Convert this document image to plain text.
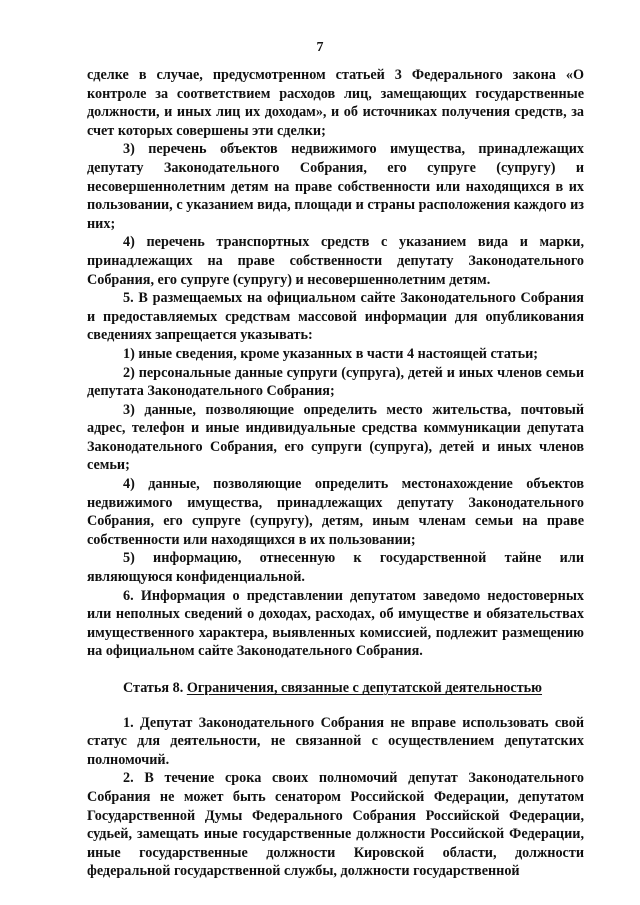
7

сделке в случае, предусмотренном статьей 3 Федерального закона «О контроле за соответствием расходов лиц, замещающих государственные должности, и иных лиц их доходам», и об источниках получения средств, за счет которых совершены эти сделки;

3) перечень объектов недвижимого имущества, принадлежащих депутату Законодательного Собрания, его супруге (супругу) и несовершеннолетним детям на праве собственности или находящихся в их пользовании, с указанием вида, площади и страны расположения каждого из них;

4) перечень транспортных средств с указанием вида и марки, принадлежащих на праве собственности депутату Законодательного Собрания, его супруге (супругу) и несовершеннолетним детям.

5. В размещаемых на официальном сайте Законодательного Собрания и предоставляемых средствам массовой информации для опубликования сведениях запрещается указывать:

1) иные сведения, кроме указанных в части 4 настоящей статьи;

2) персональные данные супруги (супруга), детей и иных членов семьи депутата Законодательного Собрания;

3) данные, позволяющие определить место жительства, почтовый адрес, телефон и иные индивидуальные средства коммуникации депутата Законодательного Собрания, его супруги (супруга), детей и иных членов семьи;

4) данные, позволяющие определить местонахождение объектов недвижимого имущества, принадлежащих депутату Законодательного Собрания, его супруге (супругу), детям, иным членам семьи на праве собственности или находящихся в их пользовании;

5) информацию, отнесенную к государственной тайне или являющуюся конфиденциальной.

6. Информация о представлении депутатом заведомо недостоверных или неполных сведений о доходах, расходах, об имуществе и обязательствах имущественного характера, выявленных комиссией, подлежит размещению на официальном сайте Законодательного Собрания.

Статья 8. Ограничения, связанные с депутатской деятельностью

1. Депутат Законодательного Собрания не вправе использовать свой статус для деятельности, не связанной с осуществлением депутатских полномочий.

2. В течение срока своих полномочий депутат Законодательного Собрания не может быть сенатором Российской Федерации, депутатом Государственной Думы Федерального Собрания Российской Федерации, судьей, замещать иные государственные должности Российской Федерации, иные государственные должности Кировской области, должности федеральной государственной службы, должности государственной
